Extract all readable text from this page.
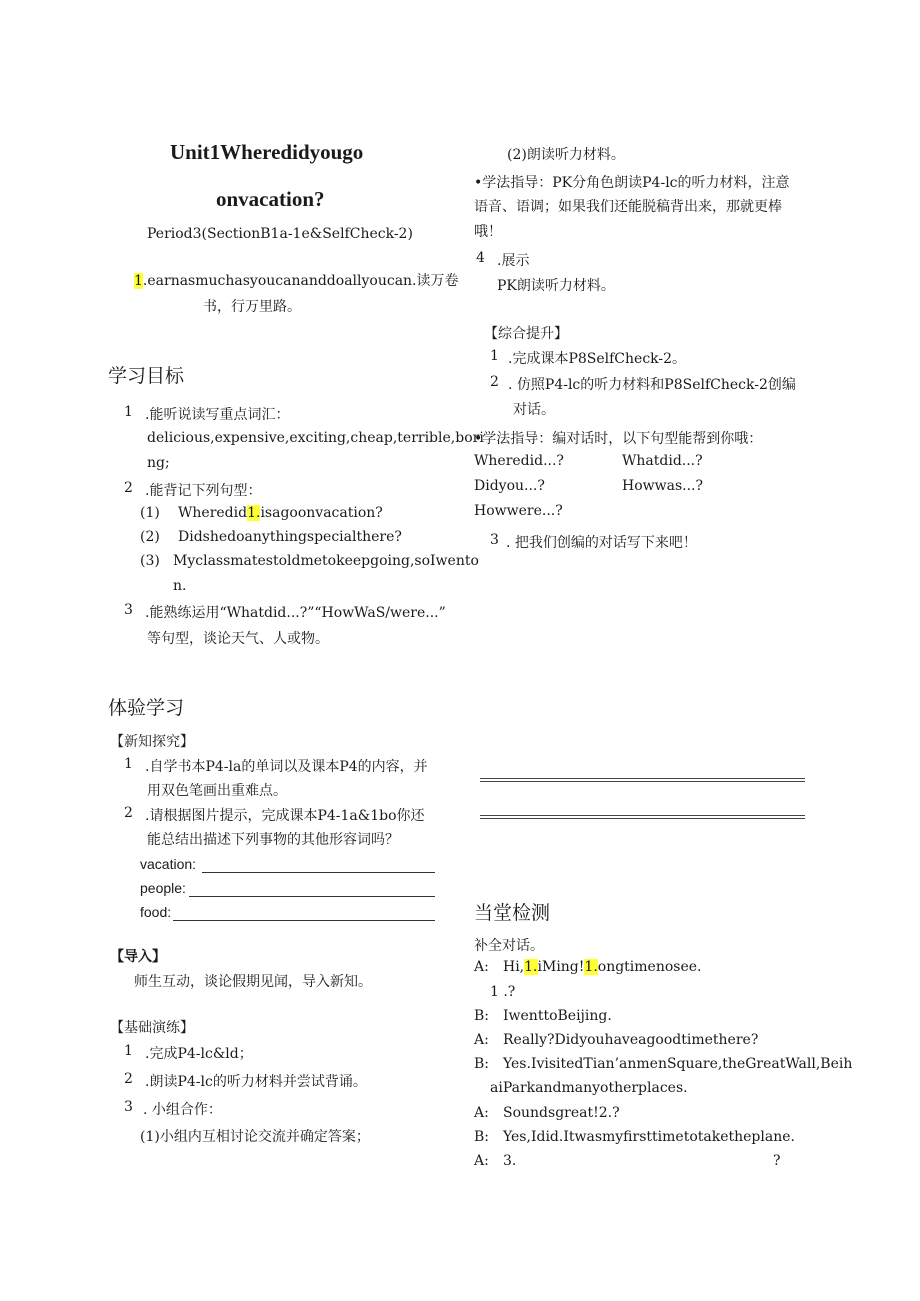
Unit1Wheredidyougo
onvacation?
Period3(SectionB1a-1e&SelfCheck-2)
1.earnasmuchasyoucananddoallyoucan.读万卷
书，行万里路。
学习目标
1 .能听说读写重点词汇：
delicious,expensive,exciting,cheap,terrible,bori
ng;
2 .能背记下列句型：
(1) Wheredid1.isagoonvacation?
(2) Didshedoanythingspecialthere?
(3) Myclassmatestoldmetokeepgoing,soIwento
n.
3 .能熟练运用“Whatdid...?”“HowWaS/were...”
等句型，谈论天气、人或物。
体验学习
【新知探究】
1 .自学书本P4-la的单词以及课本P4的内容，并
用双色笔画出重难点。
2 .请根据图片提示，完成课本P4-1a&1bo你还
能总结出描述下列事物的其他形容词吗？
vacation:
people:
food:
【导入】
师生互动，谈论假期见闻，导入新知。
【基础演练】
1 .完成P4-lc&ld；
2 .朗读P4-lc的听力材料并尝试背诵。
3 . 小组合作：
(1)小组内互相讨论交流并确定答案；
(2)朗读听力材料。
•学法指导：PK分角色朗读P4-lc的听力材料，注意
语音、语调；如果我们还能脱稿背出来，那就更棒
哦！
4 .展示
PK朗读听力材料。
【综合提升】
1 .完成课本P8SelfCheck-2。
2 . 仿照P4-lc的听力材料和P8SelfCheck-2创编
对话。
•学法指导：编对话时，以下句型能帮到你哦：
Wheredid...?	Whatdid...?
Didyou...?	Howwas...?
Howwere...?
3 . 把我们创编的对话写下来吧！
当堂检测
补全对话。
A: Hi,1.iMing!1.ongtimenosee.
1 .?
B: IwenttoBeijing.
A: Really?Didyouhaveagoodtimethere?
B: Yes.IvisitedTian’anmenSquare,theGreatWall,Beih
aiParkandmanyotherplaces.
A: Soundsgreat!2.?
B: Yes,Idid.Itwasmyfirsttimetotaketheplane.
A: 3.	?
